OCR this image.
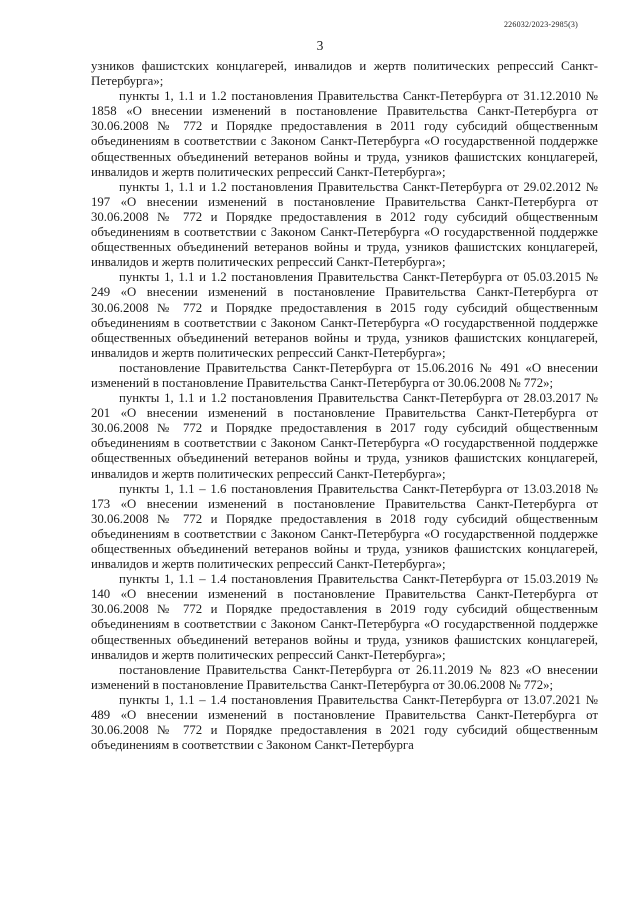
226032/2023-2985(3)
3

узников фашистских концлагерей, инвалидов и жертв политических репрессий Санкт-Петербурга»;

пункты 1, 1.1 и 1.2 постановления Правительства Санкт-Петербурга от 31.12.2010 № 1858 «О внесении изменений в постановление Правительства Санкт-Петербурга от 30.06.2008 № 772 и Порядке предоставления в 2011 году субсидий общественным объединениям в соответствии с Законом Санкт-Петербурга «О государственной поддержке общественных объединений ветеранов войны и труда, узников фашистских концлагерей, инвалидов и жертв политических репрессий Санкт-Петербурга»;

пункты 1, 1.1 и 1.2 постановления Правительства Санкт-Петербурга от 29.02.2012 № 197 «О внесении изменений в постановление Правительства Санкт-Петербурга от 30.06.2008 № 772 и Порядке предоставления в 2012 году субсидий общественным объединениям в соответствии с Законом Санкт-Петербурга «О государственной поддержке общественных объединений ветеранов войны и труда, узников фашистских концлагерей, инвалидов и жертв политических репрессий Санкт-Петербурга»;

пункты 1, 1.1 и 1.2 постановления Правительства Санкт-Петербурга от 05.03.2015 № 249 «О внесении изменений в постановление Правительства Санкт-Петербурга от 30.06.2008 № 772 и Порядке предоставления в 2015 году субсидий общественным объединениям в соответствии с Законом Санкт-Петербурга «О государственной поддержке общественных объединений ветеранов войны и труда, узников фашистских концлагерей, инвалидов и жертв политических репрессий Санкт-Петербурга»;

постановление Правительства Санкт-Петербурга от 15.06.2016 № 491 «О внесении изменений в постановление Правительства Санкт-Петербурга от 30.06.2008 № 772»;

пункты 1, 1.1 и 1.2 постановления Правительства Санкт-Петербурга от 28.03.2017 № 201 «О внесении изменений в постановление Правительства Санкт-Петербурга от 30.06.2008 № 772 и Порядке предоставления в 2017 году субсидий общественным объединениям в соответствии с Законом Санкт-Петербурга «О государственной поддержке общественных объединений ветеранов войны и труда, узников фашистских концлагерей, инвалидов и жертв политических репрессий Санкт-Петербурга»;

пункты 1, 1.1 – 1.6 постановления Правительства Санкт-Петербурга от 13.03.2018 № 173 «О внесении изменений в постановление Правительства Санкт-Петербурга от 30.06.2008 № 772 и Порядке предоставления в 2018 году субсидий общественным объединениям в соответствии с Законом Санкт-Петербурга «О государственной поддержке общественных объединений ветеранов войны и труда, узников фашистских концлагерей, инвалидов и жертв политических репрессий Санкт-Петербурга»;

пункты 1, 1.1 – 1.4 постановления Правительства Санкт-Петербурга от 15.03.2019 № 140 «О внесении изменений в постановление Правительства Санкт-Петербурга от 30.06.2008 № 772 и Порядке предоставления в 2019 году субсидий общественным объединениям в соответствии с Законом Санкт-Петербурга «О государственной поддержке общественных объединений ветеранов войны и труда, узников фашистских концлагерей, инвалидов и жертв политических репрессий Санкт-Петербурга»;

постановление Правительства Санкт-Петербурга от 26.11.2019 № 823 «О внесении изменений в постановление Правительства Санкт-Петербурга от 30.06.2008 № 772»;

пункты 1, 1.1 – 1.4 постановления Правительства Санкт-Петербурга от 13.07.2021 № 489 «О внесении изменений в постановление Правительства Санкт-Петербурга от 30.06.2008 № 772 и Порядке предоставления в 2021 году субсидий общественным объединениям в соответствии с Законом Санкт-Петербурга
